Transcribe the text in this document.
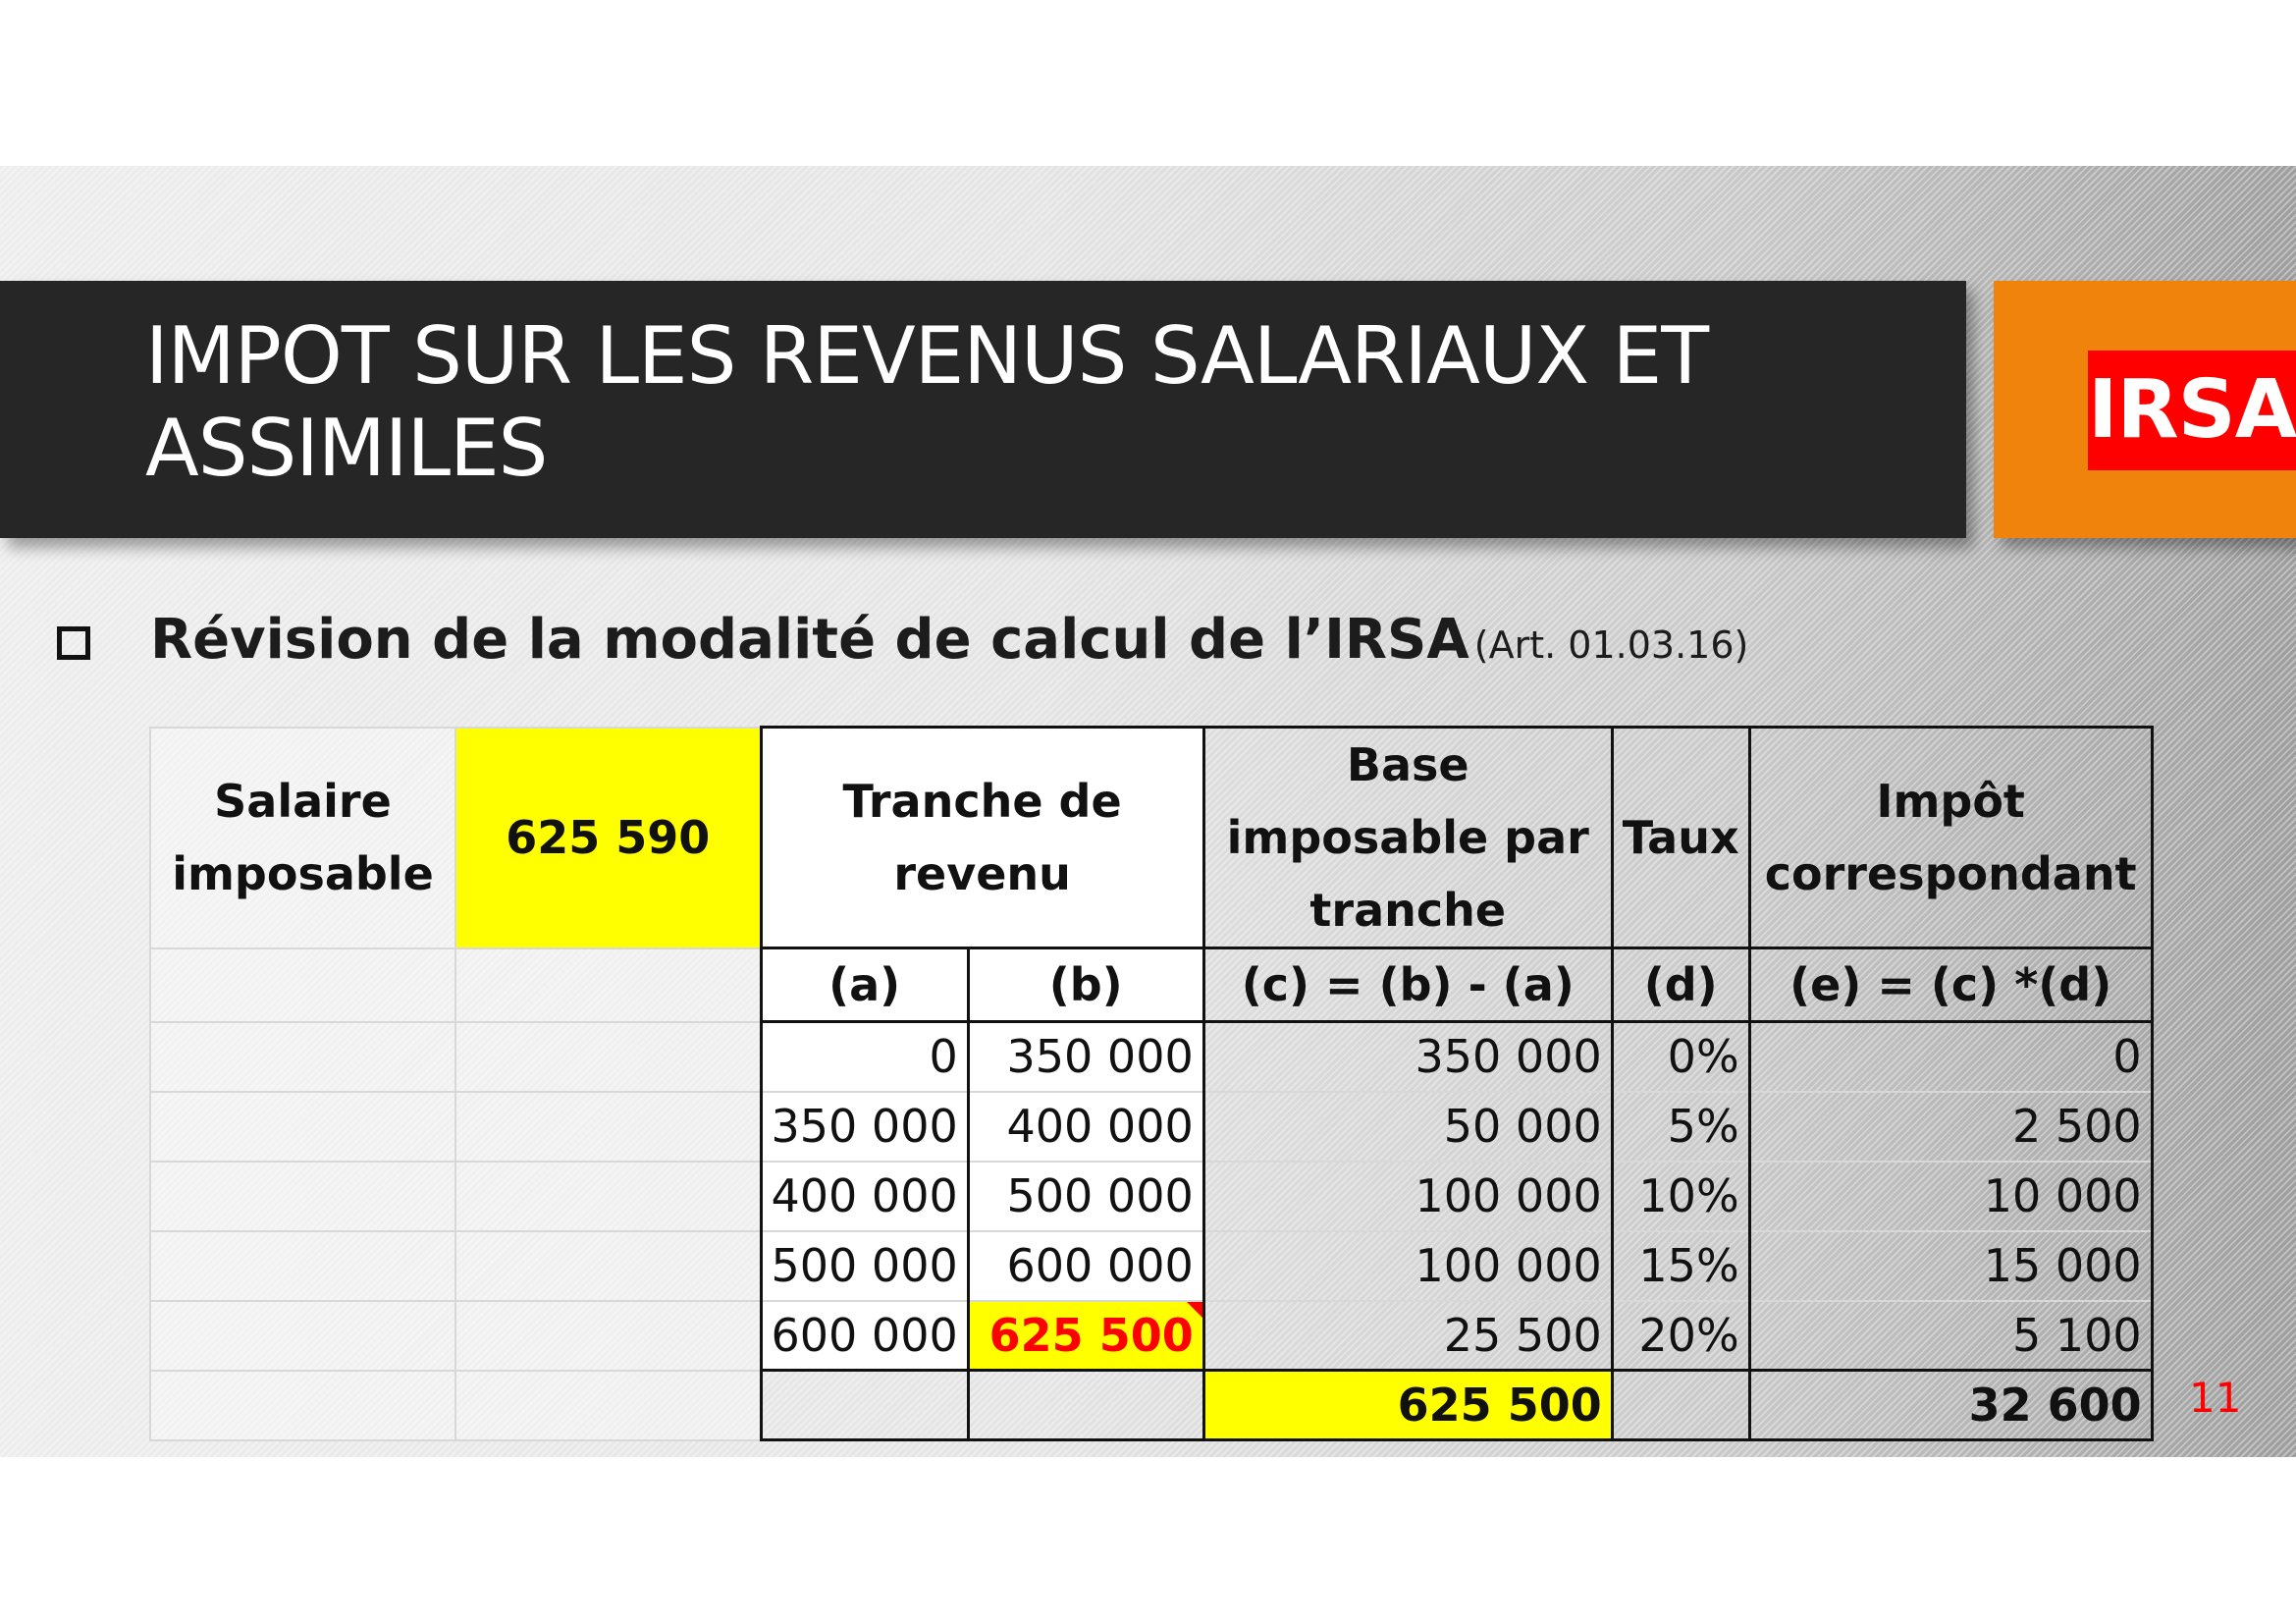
IMPOT SUR LES REVENUS SALARIAUX ET ASSIMILES	IRSA
Révision de la modalité de calcul de l’IRSA (Art. 01.03.16)
Salaire imposable	625 590	Tranche de revenu		Base imposable par tranche	Taux	Impôt correspondant
		(a)	(b)	(c) = (b) - (a)	(d)	(e) = (c) *(d)
		0	350 000	350 000	0%	0
		350 000	400 000	50 000	5%	2 500
		400 000	500 000	100 000	10%	10 000
		500 000	600 000	100 000	15%	15 000
		600 000	625 500	25 500	20%	5 100
				625 500		32 600 11
